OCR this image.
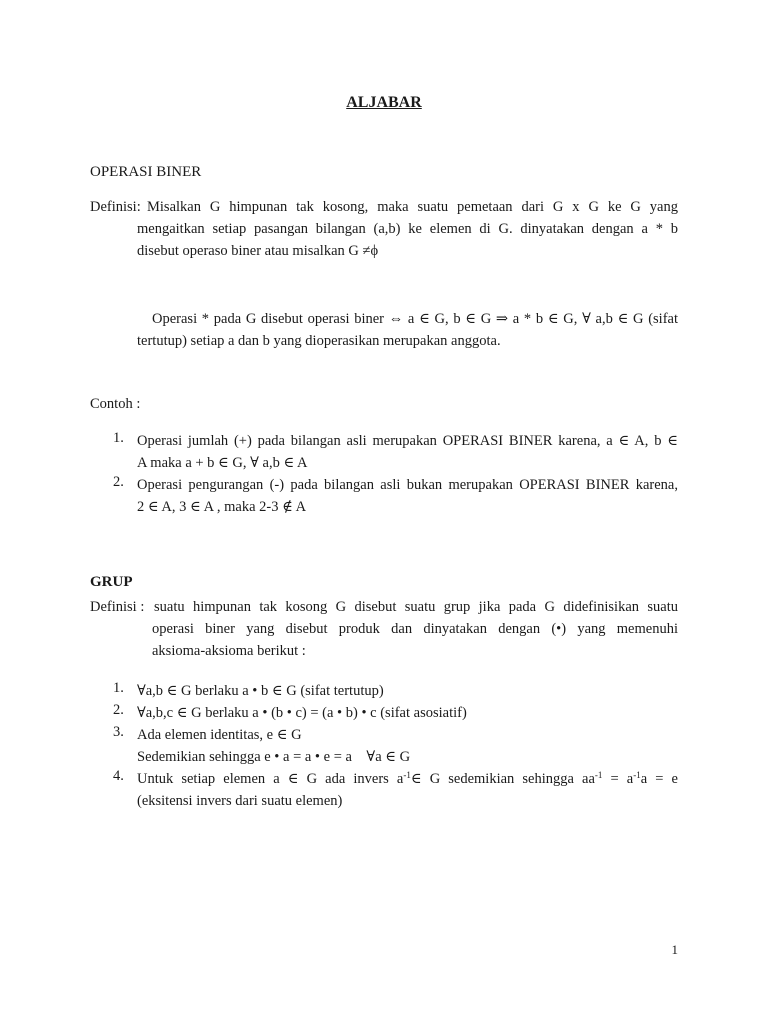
ALJABAR
OPERASI BINER
Definisi: Misalkan G himpunan tak kosong, maka suatu pemetaan dari G x G ke G yang
mengaitkan setiap pasangan bilangan (a,b) ke elemen di G. dinyatakan dengan a * b
disebut operaso biner atau misalkan G ≠ϕ
Operasi * pada G disebut operasi biner ⇔ a ∈ G, b ∈ G ⇒ a * b ∈ G, ∀ a,b ∈ G (sifat
tertutup) setiap a dan b yang dioperasikan merupakan anggota.
Contoh :
1. Operasi jumlah (+) pada bilangan asli merupakan OPERASI BINER karena, a ∈ A, b ∈
A maka a + b ∈ G, ∀ a,b ∈ A
2. Operasi pengurangan (-) pada bilangan asli bukan merupakan OPERASI BINER karena,
2 ∈ A, 3 ∈ A , maka 2-3 ∉ A
GRUP
Definisi : suatu himpunan tak kosong G disebut suatu grup jika pada G didefinisikan suatu
operasi biner yang disebut produk dan dinyatakan dengan (•) yang memenuhi
aksioma-aksioma berikut :
1. ∀a,b ∈ G berlaku a • b ∈ G (sifat tertutup)
2. ∀a,b,c ∈ G berlaku a • (b • c) = (a • b) • c (sifat asosiatif)
3. Ada elemen identitas, e ∈ G
Sedemikian sehingga e • a = a • e = a    ∀a ∈ G
4. Untuk setiap elemen a ∈ G ada invers $a^{-1}\in$ G sedemikian sehingga $aa^{-1} = a^{-1}a = e$
(eksitensi invers dari suatu elemen)
1
